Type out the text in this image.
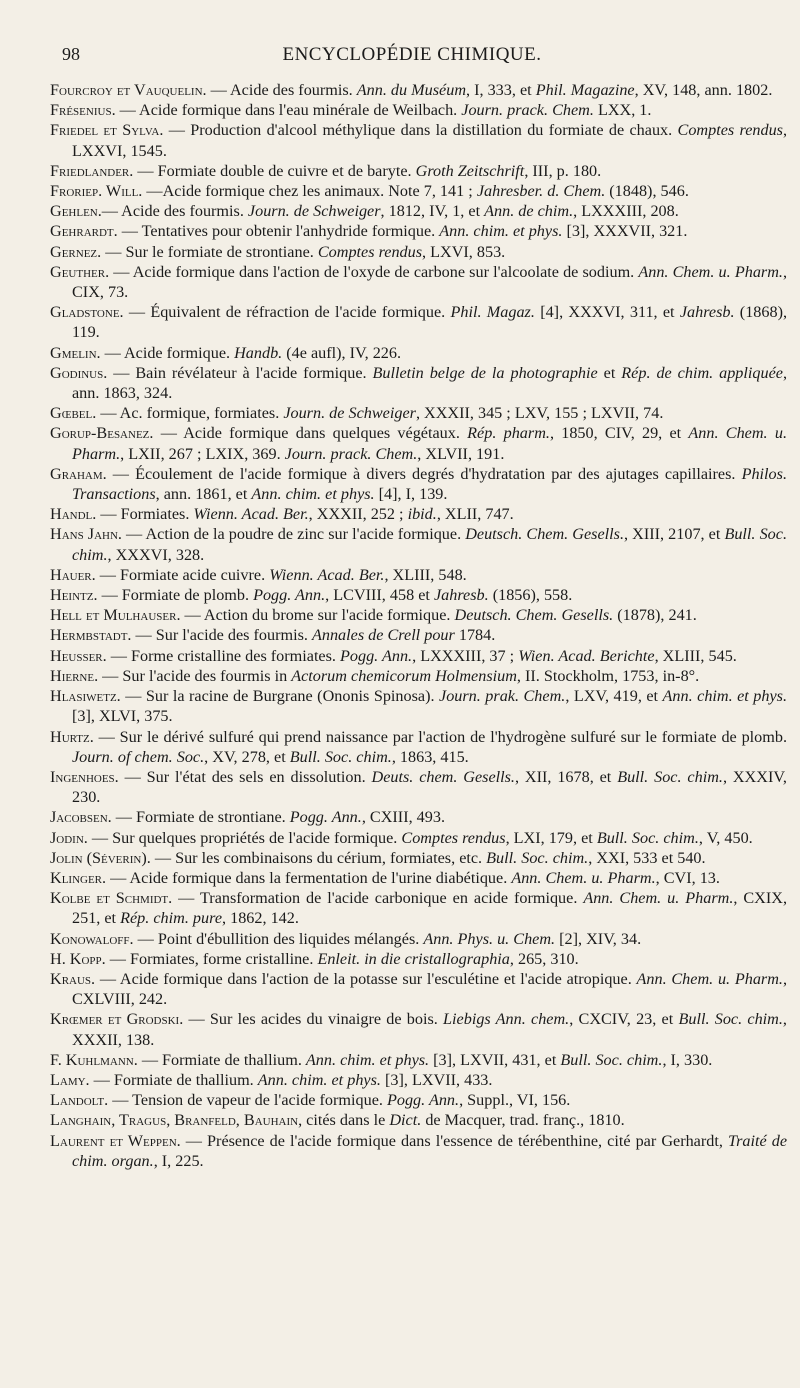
98	ENCYCLOPÉDIE CHIMIQUE.

Fourcroy et Vauquelin. — Acide des fourmis. Ann. du Muséum, I, 333, et Phil. Magazine, XV, 148, ann. 1802.

Frésenius. — Acide formique dans l'eau minérale de Weilbach. Journ. prack. Chem. LXX, 1.

Friedel et Sylva. — Production d'alcool méthylique dans la distillation du formiate de chaux. Comptes rendus, LXXVI, 1545.

Friedlander. — Formiate double de cuivre et de baryte. Groth Zeitschrift, III, p. 180.

Froriep. Will. —Acide formique chez les animaux. Note 7, 141 ; Jahresber. d. Chem. (1848), 546.

Gehlen.— Acide des fourmis. Journ. de Schweiger, 1812, IV, 1, et Ann. de chim., LXXXIII, 208.

Gehrardt. — Tentatives pour obtenir l'anhydride formique. Ann. chim. et phys. [3], XXXVII, 321.

Gernez. — Sur le formiate de strontiane. Comptes rendus, LXVI, 853.

Geuther. — Acide formique dans l'action de l'oxyde de carbone sur l'alcoolate de sodium. Ann. Chem. u. Pharm., CIX, 73.

Gladstone. — Équivalent de réfraction de l'acide formique. Phil. Magaz. [4], XXXVI, 311, et Jahresb. (1868), 119.

Gmelin. — Acide formique. Handb. (4e aufl), IV, 226.

Godinus. — Bain révélateur à l'acide formique. Bulletin belge de la photographie et Rép. de chim. appliquée, ann. 1863, 324.

Gœbel. — Ac. formique, formiates. Journ. de Schweiger, XXXII, 345 ; LXV, 155 ; LXVII, 74.

Gorup-Besanez. — Acide formique dans quelques végétaux. Rép. pharm., 1850, CIV, 29, et Ann. Chem. u. Pharm., LXII, 267 ; LXIX, 369. Journ. prack. Chem., XLVII, 191.

Graham. — Écoulement de l'acide formique à divers degrés d'hydratation par des ajutages capillaires. Philos. Transactions, ann. 1861, et Ann. chim. et phys. [4], I, 139.

Handl. — Formiates. Wienn. Acad. Ber., XXXII, 252 ; ibid., XLII, 747.

Hans Jahn. — Action de la poudre de zinc sur l'acide formique. Deutsch. Chem. Gesells., XIII, 2107, et Bull. Soc. chim., XXXVI, 328.

Hauer. — Formiate acide cuivre. Wienn. Acad. Ber., XLIII, 548.

Heintz. — Formiate de plomb. Pogg. Ann., LCVIII, 458 et Jahresb. (1856), 558.

Hell et Mulhauser. — Action du brome sur l'acide formique. Deutsch. Chem. Gesells. (1878), 241.

Hermbstadt. — Sur l'acide des fourmis. Annales de Crell pour 1784.

Heusser. — Forme cristalline des formiates. Pogg. Ann., LXXXIII, 37 ; Wien. Acad. Berichte, XLIII, 545.

Hierne. — Sur l'acide des fourmis in Actorum chemicorum Holmensium, II. Stockholm, 1753, in-8°.

Hlasiwetz. — Sur la racine de Burgrane (Ononis Spinosa). Journ. prak. Chem., LXV, 419, et Ann. chim. et phys. [3], XLVI, 375.

Hurtz. — Sur le dérivé sulfuré qui prend naissance par l'action de l'hydrogène sulfuré sur le formiate de plomb. Journ. of chem. Soc., XV, 278, et Bull. Soc. chim., 1863, 415.

Ingenhoes. — Sur l'état des sels en dissolution. Deuts. chem. Gesells., XII, 1678, et Bull. Soc. chim., XXXIV, 230.

Jacobsen. — Formiate de strontiane. Pogg. Ann., CXIII, 493.

Jodin. — Sur quelques propriétés de l'acide formique. Comptes rendus, LXI, 179, et Bull. Soc. chim., V, 450.

Jolin (Séverin). — Sur les combinaisons du cérium, formiates, etc. Bull. Soc. chim., XXI, 533 et 540.

Klinger. — Acide formique dans la fermentation de l'urine diabétique. Ann. Chem. u. Pharm., CVI, 13.

Kolbe et Schmidt. — Transformation de l'acide carbonique en acide formique. Ann. Chem. u. Pharm., CXIX, 251, et Rép. chim. pure, 1862, 142.

Konowaloff. — Point d'ébullition des liquides mélangés. Ann. Phys. u. Chem. [2], XIV, 34.

H. Kopp. — Formiates, forme cristalline. Enleit. in die cristallographia, 265, 310.

Kraus. — Acide formique dans l'action de la potasse sur l'esculétine et l'acide atropique. Ann. Chem. u. Pharm., CXLVIII, 242.

Krœmer et Grodski. — Sur les acides du vinaigre de bois. Liebigs Ann. chem., CXCIV, 23, et Bull. Soc. chim., XXXII, 138.

F. Kuhlmann. — Formiate de thallium. Ann. chim. et phys. [3], LXVII, 431, et Bull. Soc. chim., I, 330.

Lamy. — Formiate de thallium. Ann. chim. et phys. [3], LXVII, 433.

Landolt. — Tension de vapeur de l'acide formique. Pogg. Ann., Suppl., VI, 156.

Langhain, Tragus, Branfeld, Bauhain, cités dans le Dict. de Macquer, trad. franç., 1810.

Laurent et Weppen. — Présence de l'acide formique dans l'essence de térébenthine, cité par Gerhardt, Traité de chim. organ., I, 225.
